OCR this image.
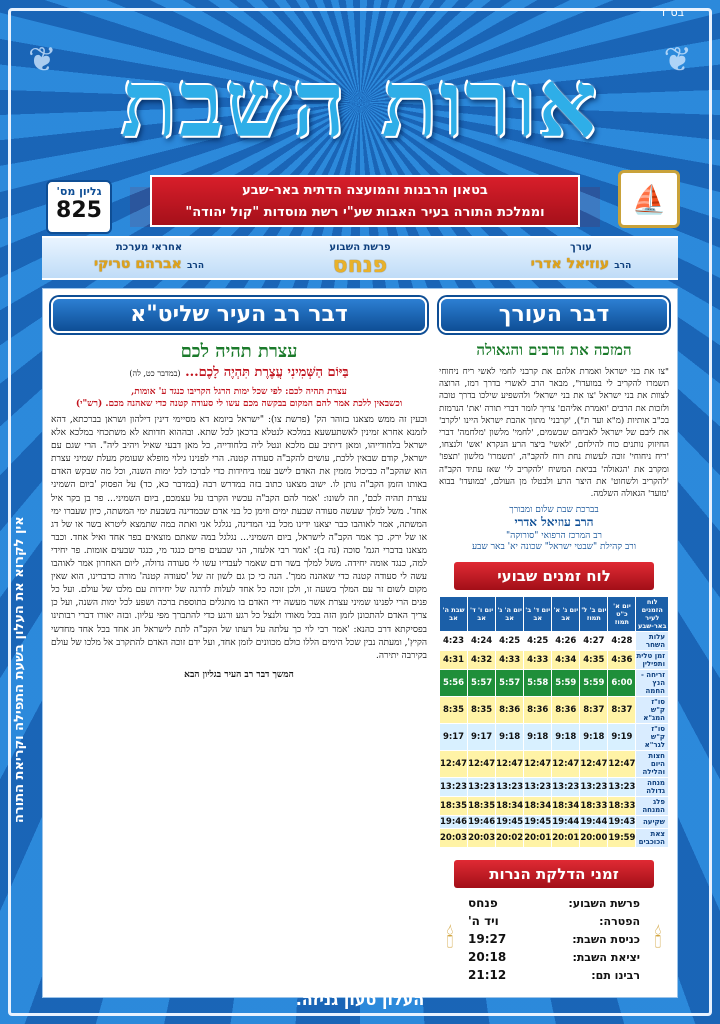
❦	❦
בס"ד
אורות השבת
⛵
בטאון הרבנות והמועצה הדתית באר-שבע
וממלכת התורה בעיר האבות שע"י רשת מוסדות "קול יהודה"
גליון מס'
825
עורך
הרב עוזיאל אדרי
פרשת השבוע
פנחס
אחראי מערכת
הרב אברהם טריקי
דבר העורך
המזכה את הרבים והגאולה

"צו את בני ישראל ואמרת אלהם את קרבני לחמי לאשי ריח ניחוחי תשמרו להקריב לי במועדו", מבאר הרב לאשרי בדרך רמז, הרוצה לצוות את בני ישראל 'צו את בני ישראל' ולהשפיע שילכו בדרך טובה ולזכות את הרבים 'ואמרת אליהם' צריך לומר דברי תורה 'את' הנרמזת בכ"ב אותיות (מ"א ועד ת"), 'קרבני' מתוך אהבת ישראל היינו 'לקרב' את ליבם של ישראל לאביהם שבשמים, 'לחמי' מלשון 'מלחמה' דברי החיזוק נותנים כוח להילחם, 'לאשי' ביצר הרע הנקרא 'אש' ולנצחו, 'ריח ניחוחי' זוכה לעשות נחת רוח להקב"ה, 'תשמרו' מלשון 'תצפו' ומקרב את 'הגאולה' בביאת המשיח 'להקריב לי' שאז עתיד הקב"ה 'להקריב ולשחוט' את היצר הרע ולבטלו מן העולם, 'במועדו' בבוא 'מועד' הגאולה השלמה.

בברכת שבת שלום ומבורך
הרב עוזיאל אדרי
רב המרכז הרפואי "סורוקה"
ורב קהילת "שבטי ישראל" שכונה יא' באר שבע
לוח זמנים שבועי
לוח הזמנים לעיר באר-שבע	יום א' כ"ט תמוז	יום ב' ל' תמוז	יום ג' א' אב	יום ד' ב' אב	יום ה' ג' אב	יום ו' ד' אב	שבת ה' אב
עלות השחר	4:28	4:27	4:26	4:25	4:25	4:24	4:23
זמן טלית ותפילין	4:36	4:35	4:34	4:33	4:33	4:32	4:31
זריחה - הנץ החמה	6:00	5:59	5:59	5:58	5:57	5:57	5:56
סו"ז ק"ש המג"א	8:37	8:37	8:36	8:36	8:36	8:35	8:35
סו"ז ק"ש לגר"א	9:19	9:18	9:18	9:18	9:18	9:17	9:17
חצות היום והלילה	12:47	12:47	12:47	12:47	12:47	12:47	12:47
מנחה גדולה	13:23	13:23	13:23	13:23	13:23	13:23	13:23
פלג המנחה	18:33	18:33	18:34	18:34	18:34	18:35	18:35
שקיעה	19:43	19:44	19:44	19:45	19:45	19:46	19:46
צאת הכוכבים	19:59	20:00	20:01	20:01	20:02	20:03	20:03
זמני הדלקת הנרות
🕯
פרשת השבוע:	פנחס
הפטרה:	ויד ה'
כניסת השבת:	19:27
יציאת השבת:	20:18
רבינו תם:	21:12
🕯
דבר רב העיר שליט"א
עצרת תהיה לכם
בַּיּוֹם הַשְּׁמִינִי עֲצֶרֶת תִּהְיֶה לָכֶם... (במדבר כט, לה)
עצרת תהיה לכם: לפי שכל ימות הרגל הקריבו כנגד ע' אומות,
וכשבאין ללכת אמר להם המקום בבקשה מכם עשו לי סעודה קטנה כדי שאהנה מכם. (רש"י)

וכעין זה ממש מצאנו בזוהר הק' (פרשת צו): "ישראל ביומא דא מסיימי דינין דילהון ושראן בברכתא, דהא לזמנא אחרא זמינין לאשתעשעא במלכא לנטלא ברכאן לכל שתא. ובההוא חדותא לא משתכחי במלכא אלא ישראל בלחודייהו, ומאן דיתיב עם מלכא ונטל ליה בלחודייה, כל מאן דבעי שאיל ויהיב ליה". הרי שגם עם ישראל, קודם שבאין ללכת, עושים להקב"ה סעודה קטנה. הרי לפנינו גילוי מופלא שעומק מעלת שמיני עצרת הוא שהקב"ה כביכול מזמין את האדם לישב עמו ביחידות כדי לברכו לכל ימות השנה, וכל מה שבקש האדם באותו הזמן הקב"ה נותן לו. ישוב מצאנו כתוב בזה במדרש רבה (במדבר כא, כד) על הפסוק 'ביום השמיני עצרת תהיה לכם', וזה לשונו: 'אמר להם הקב"ה עכשיו הקרבו על עצמכם, ביום השמיני... פר בן בקר איל אחד'. משל למלך שעשה סעודה שבעת ימים וזימן כל בני אדם שבמדינה בשבעת ימי המשתה, כיון שעברו ימי המשתה, אמר לאוהבו כבר יצאנו ידינו מכל בני המדינה, נגלגל אני ואתה במה שתמצא ליטרא בשר או של דג או של ירק. כך אמר הקב"ה לישראל, ביום השמיני... נגלגל במה שאתם מוצאים בפר אחד ואיל אחד. וכבר מצאנו בדברי הגמ' סוכה (נה ב): 'אמר רבי אלעזר, הני שבעים פרים כנגד מי, כנגד שבעים אומות. פר יחידי למה, כנגד אומה יחידה. משל למלך בשר ודם שאמר לעבדיו עשו לי סעודה גדולה, ליום האחרון אמר לאוהבו עשה לי סעודה קטנה כדי שאהנה ממך'. הנה כי כן גם לשון זה של 'סעודה קטנה' מורה כדברינו, הוא שאין מקום לשום זר עם המלך בשעה זו, ולכן זוכה כל אחד לעלות לדרגה של יחידות עם מלכו של עולם. ועל כל פנים הרי לפנינו שמיני עצרת אשר מעשה ידי האדם בו מתגלים בתוספת ברכה ושפע לכל ימות השנה, ועל כן צריך האדם להתכונן לזמן הזה בכל מאודו ולנצל כל רגע ורגע כדי להתברך מפי עליון. ובזה יאורו דברי רבותינו בפסיקתא דרב כהנא: 'אמר רבי לוי כך עלתה על דעתו של הקב"ה לתת לישראל חג אחד בכל אחד מחדשי הקיץ', ומעתה נבין שכל הימים הללו כולם מכוונים לזמן אחד, ועל ידם זוכה האדם להתקרב אל מלכו של עולם בקירבה יתירה.

המשך דבר רב העיר בגליון הבא
אין לקרוא את העלון בשעת התפילה וקריאת התורה
העלון טעון גניזה.
